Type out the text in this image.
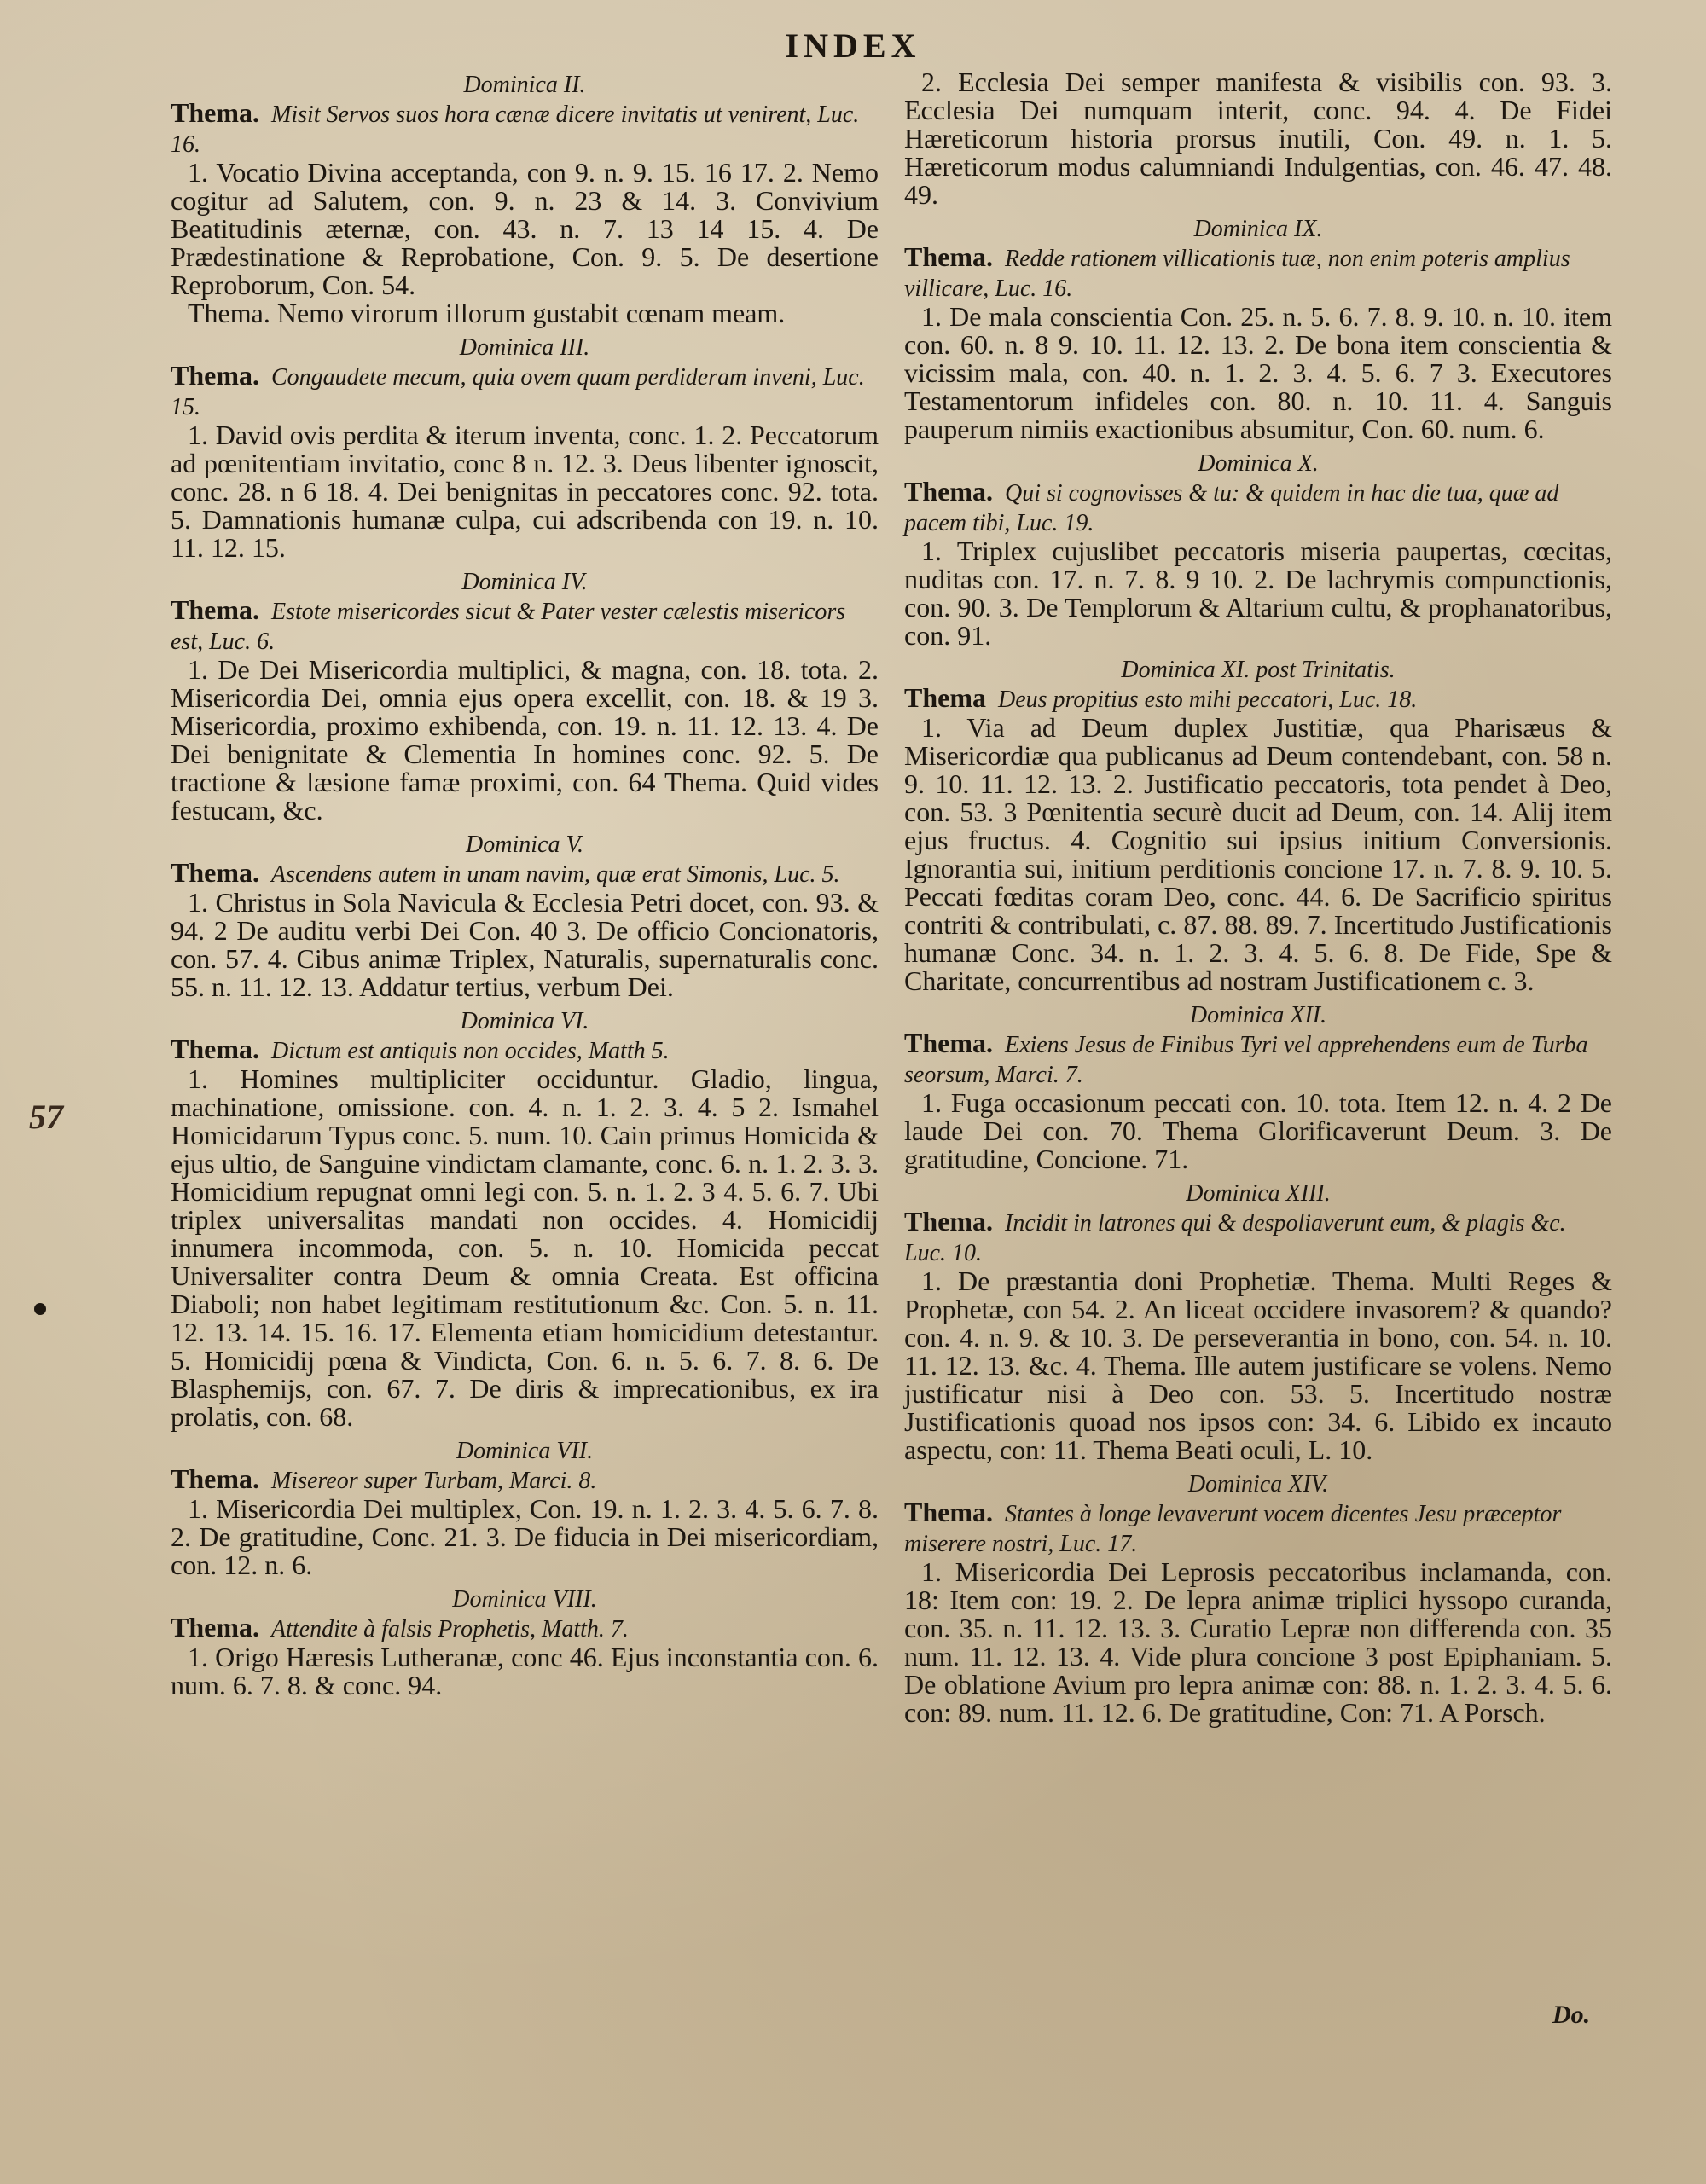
INDEX
57
Dominica II.
Thema. Misit Servos suos hora cænæ dicere invitatis ut venirent, Luc. 16.

1. Vocatio Divina acceptanda, con 9. n. 9. 15. 16 17. 2. Nemo cogitur ad Salutem, con. 9. n. 23 & 14. 3. Convivium Beatitudinis æternæ, con. 43. n. 7. 13 14 15. 4. De Prædestinatione & Reprobatione, Con. 9. 5. De desertione Reproborum, Con. 54.

Thema. Nemo virorum illorum gustabit cœnam meam.

Dominica III.
Thema. Congaudete mecum, quia ovem quam perdideram inveni, Luc. 15.

1. David ovis perdita & iterum inventa, conc. 1. 2. Peccatorum ad pœnitentiam invitatio, conc 8 n. 12. 3. Deus libenter ignoscit, conc. 28. n 6 18. 4. Dei benignitas in peccatores conc. 92. tota. 5. Damnationis humanæ culpa, cui adscribenda con 19. n. 10. 11. 12. 15.

Dominica IV.
Thema. Estote misericordes sicut & Pater vester cælestis misericors est, Luc. 6.

1. De Dei Misericordia multiplici, & magna, con. 18. tota. 2. Misericordia Dei, omnia ejus opera excellit, con. 18. & 19 3. Misericordia, proximo exhibenda, con. 19. n. 11. 12. 13. 4. De Dei benignitate & Clementia In homines conc. 92. 5. De tractione & læsione famæ proximi, con. 64 Thema. Quid vides festucam, &c.

Dominica V.
Thema. Ascendens autem in unam navim, quæ erat Simonis, Luc. 5.

1. Christus in Sola Navicula & Ecclesia Petri docet, con. 93. & 94. 2 De auditu verbi Dei Con. 40 3. De officio Concionatoris, con. 57. 4. Cibus animæ Triplex, Naturalis, supernaturalis conc. 55. n. 11. 12. 13. Addatur tertius, verbum Dei.

Dominica VI.
Thema. Dictum est antiquis non occides, Matth 5.

1. Homines multipliciter occiduntur. Gladio, lingua, machinatione, omissione. con. 4. n. 1. 2. 3. 4. 5 2. Ismahel Homicidarum Typus conc. 5. num. 10. Cain primus Homicida & ejus ultio, de Sanguine vindictam clamante, conc. 6. n. 1. 2. 3. 3. Homicidium repugnat omni legi con. 5. n. 1. 2. 3 4. 5. 6. 7. Ubi triplex universalitas mandati non occides. 4. Homicidij innumera incommoda, con. 5. n. 10. Homicida peccat Universaliter contra Deum & omnia Creata. Est officina Diaboli; non habet legitimam restitutionum &c. Con. 5. n. 11. 12. 13. 14. 15. 16. 17. Elementa etiam homicidium detestantur. 5. Homicidij pœna & Vindicta, Con. 6. n. 5. 6. 7. 8. 6. De Blasphemijs, con. 67. 7. De diris & imprecationibus, ex ira prolatis, con. 68.

Dominica VII.
Thema. Misereor super Turbam, Marci. 8.

1. Misericordia Dei multiplex, Con. 19. n. 1. 2. 3. 4. 5. 6. 7. 8. 2. De gratitudine, Conc. 21. 3. De fiducia in Dei misericordiam, con. 12. n. 6.

Dominica VIII.
Thema. Attendite à falsis Prophetis, Matth. 7.

1. Origo Hæresis Lutheranæ, conc 46. Ejus inconstantia con. 6. num. 6. 7. 8. & conc. 94.

2. Ecclesia Dei semper manifesta & visibilis con. 93. 3. Ecclesia Dei numquam interit, conc. 94. 4. De Fidei Hæreticorum historia prorsus inutili, Con. 49. n. 1. 5. Hæreticorum modus calumniandi Indulgentias, con. 46. 47. 48. 49.

Dominica IX.
Thema. Redde rationem villicationis tuæ, non enim poteris amplius villicare, Luc. 16.

1. De mala conscientia Con. 25. n. 5. 6. 7. 8. 9. 10. n. 10. item con. 60. n. 8 9. 10. 11. 12. 13. 2. De bona item conscientia & vicissim mala, con. 40. n. 1. 2. 3. 4. 5. 6. 7 3. Executores Testamentorum infideles con. 80. n. 10. 11. 4. Sanguis pauperum nimiis exactionibus absumitur, Con. 60. num. 6.

Dominica X.
Thema. Qui si cognovisses & tu: & quidem in hac die tua, quæ ad pacem tibi, Luc. 19.

1. Triplex cujuslibet peccatoris miseria paupertas, cœcitas, nuditas con. 17. n. 7. 8. 9 10. 2. De lachrymis compunctionis, con. 90. 3. De Templorum & Altarium cultu, & prophanatoribus, con. 91.

Dominica XI. post Trinitatis.
Thema Deus propitius esto mihi peccatori, Luc. 18.

1. Via ad Deum duplex Justitiæ, qua Pharisæus & Misericordiæ qua publicanus ad Deum contendebant, con. 58 n. 9. 10. 11. 12. 13. 2. Justificatio peccatoris, tota pendet à Deo, con. 53. 3 Pœnitentia securè ducit ad Deum, con. 14. Alij item ejus fructus. 4. Cognitio sui ipsius initium Conversionis. Ignorantia sui, initium perditionis concione 17. n. 7. 8. 9. 10. 5. Peccati fœditas coram Deo, conc. 44. 6. De Sacrificio spiritus contriti & contribulati, c. 87. 88. 89. 7. Incertitudo Justificationis humanæ Conc. 34. n. 1. 2. 3. 4. 5. 6. 8. De Fide, Spe & Charitate, concurrentibus ad nostram Justificationem c. 3.

Dominica XII.
Thema. Exiens Jesus de Finibus Tyri vel apprehendens eum de Turba seorsum, Marci. 7.

1. Fuga occasionum peccati con. 10. tota. Item 12. n. 4. 2 De laude Dei con. 70. Thema Glorificaverunt Deum. 3. De gratitudine, Concione. 71.

Dominica XIII.
Thema. Incidit in latrones qui & despoliaverunt eum, & plagis &c. Luc. 10.

1. De præstantia doni Prophetiæ. Thema. Multi Reges & Prophetæ, con 54. 2. An liceat occidere invasorem? & quando? con. 4. n. 9. & 10. 3. De perseverantia in bono, con. 54. n. 10. 11. 12. 13. &c. 4. Thema. Ille autem justificare se volens. Nemo justificatur nisi à Deo con. 53. 5. Incertitudo nostræ Justificationis quoad nos ipsos con: 34. 6. Libido ex incauto aspectu, con: 11. Thema Beati oculi, L. 10.

Dominica XIV.
Thema. Stantes à longe levaverunt vocem dicentes Jesu præceptor miserere nostri, Luc. 17.

1. Misericordia Dei Leprosis peccatoribus inclamanda, con. 18: Item con: 19. 2. De lepra animæ triplici hyssopo curanda, con. 35. n. 11. 12. 13. 3. Curatio Lepræ non differenda con. 35 num. 11. 12. 13. 4. Vide plura concione 3 post Epiphaniam. 5. De oblatione Avium pro lepra animæ con: 88. n. 1. 2. 3. 4. 5. 6. con: 89. num. 11. 12. 6. De gratitudine, Con: 71. A Porsch.

Do.
